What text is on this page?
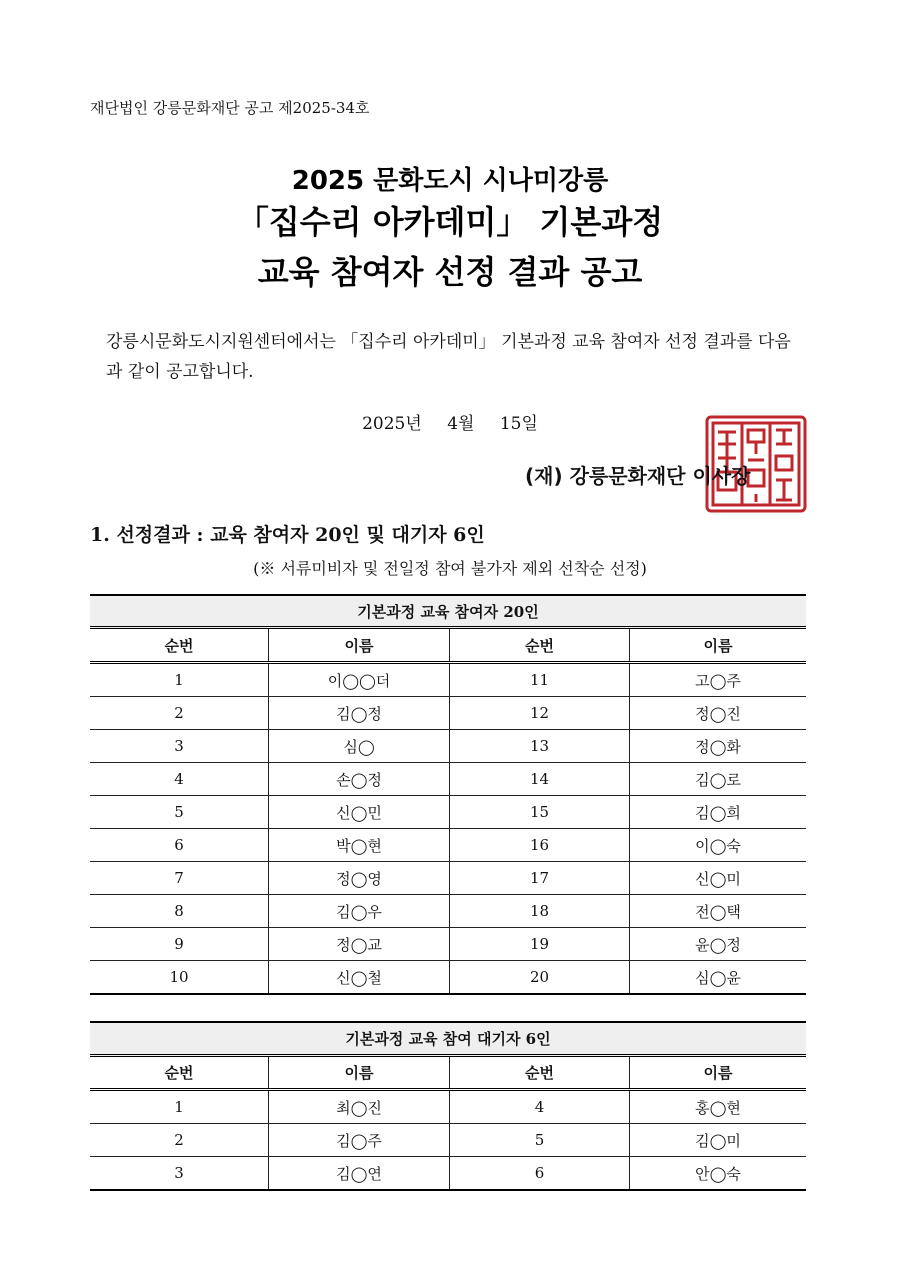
재단법인 강릉문화재단 공고 제2025-34호
2025 문화도시 시나미강릉
「집수리 아카데미」 기본과정
교육 참여자 선정 결과 공고
강릉시문화도시지원센터에서는 「집수리 아카데미」 기본과정 교육 참여자 선정 결과를 다음과 같이 공고합니다.
2025년 4월 15일
(재) 강릉문화재단 이사장
1. 선정결과 : 교육 참여자 20인 및 대기자 6인
(※ 서류미비자 및 전일정 참여 불가자 제외 선착순 선정)
기본과정 교육 참여자 20인			
순번	이름	순번	이름
1	이◯◯더	11	고◯주
2	김◯정	12	정◯진
3	심◯	13	정◯화
4	손◯정	14	김◯로
5	신◯민	15	김◯희
6	박◯현	16	이◯숙
7	정◯영	17	신◯미
8	김◯우	18	전◯택
9	정◯교	19	윤◯정
10	신◯철	20	심◯윤
기본과정 교육 참여 대기자 6인			
순번	이름	순번	이름
1	최◯진	4	홍◯현
2	김◯주	5	김◯미
3	김◯연	6	안◯숙
